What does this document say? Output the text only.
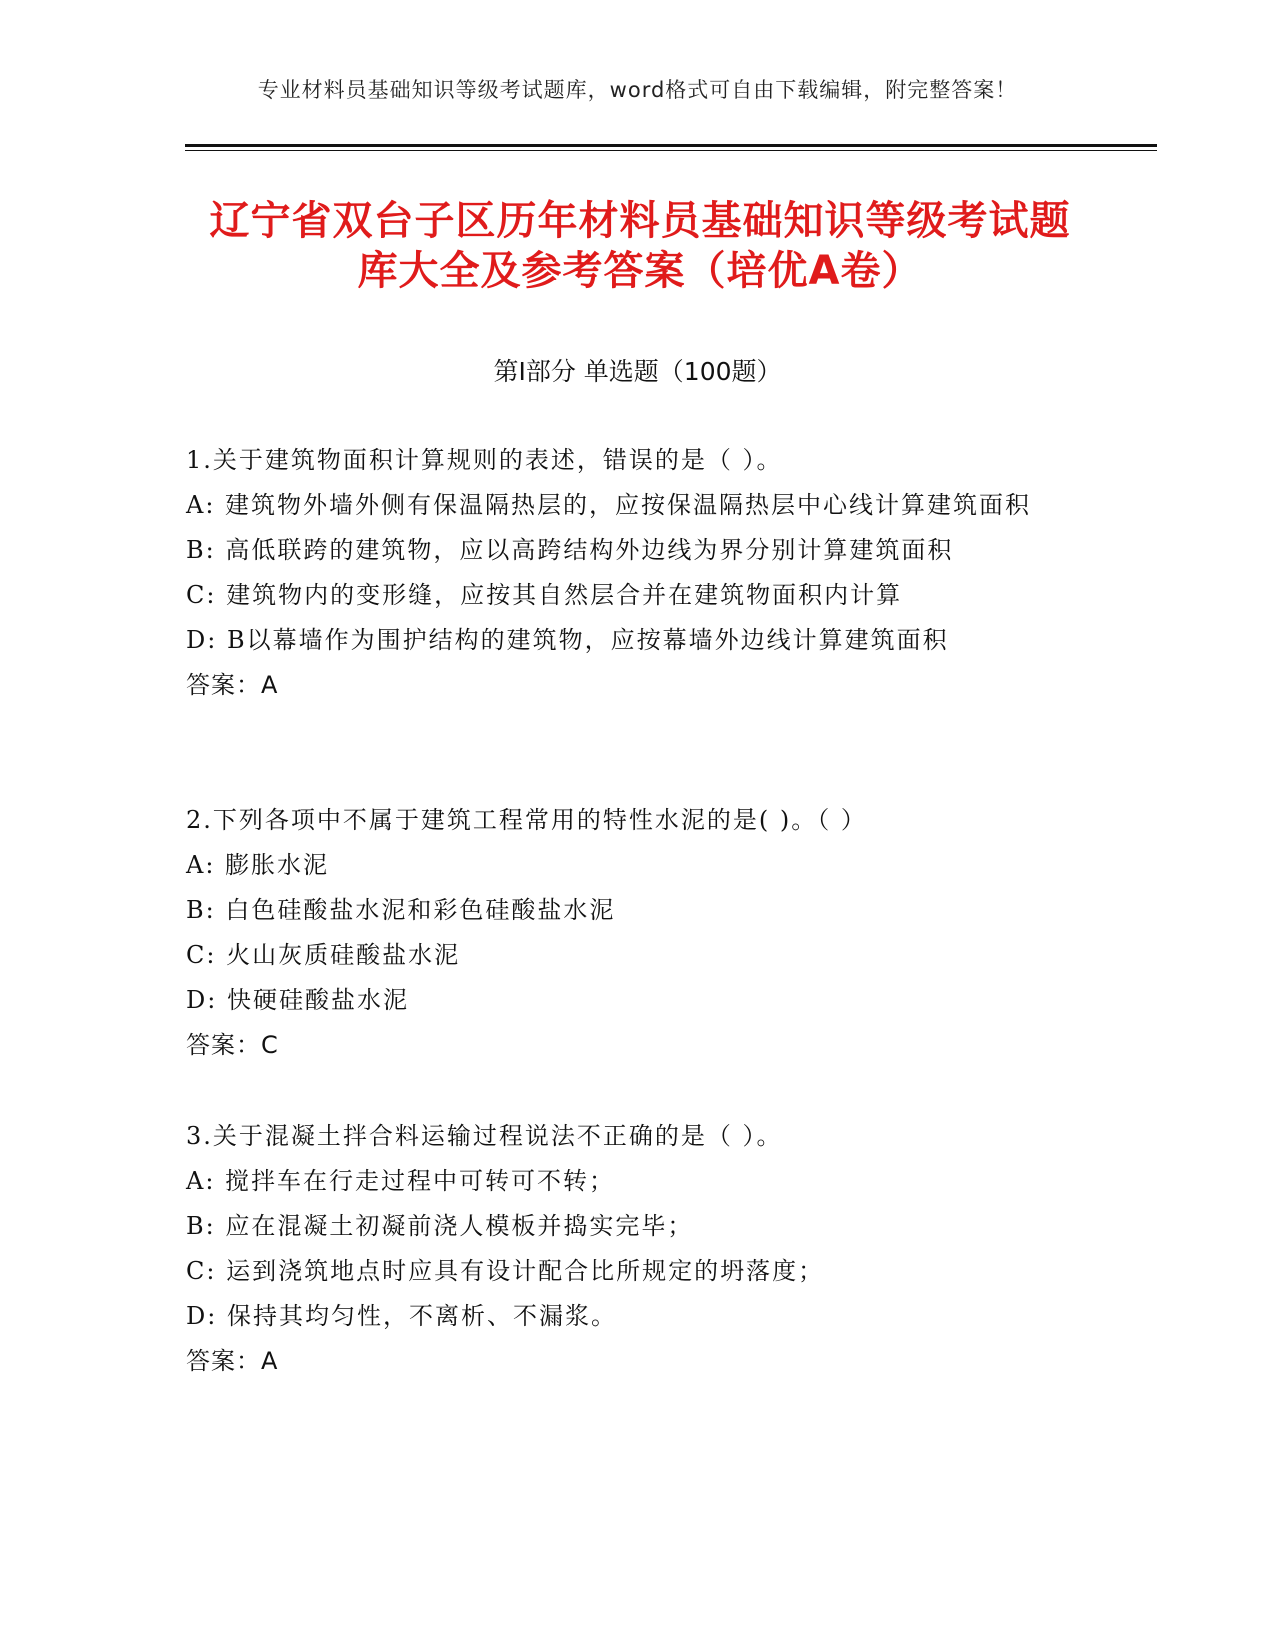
专业材料员基础知识等级考试题库，word格式可自由下载编辑，附完整答案！
辽宁省双台子区历年材料员基础知识等级考试题库大全及参考答案（培优A卷）
第Ⅰ部分 单选题（100题）
1.关于建筑物面积计算规则的表述，错误的是（ ）。
A: 建筑物外墙外侧有保温隔热层的，应按保温隔热层中心线计算建筑面积
B: 高低联跨的建筑物，应以高跨结构外边线为界分别计算建筑面积
C: 建筑物内的变形缝，应按其自然层合并在建筑物面积内计算
D: B以幕墙作为围护结构的建筑物，应按幕墙外边线计算建筑面积
答案：A
2.下列各项中不属于建筑工程常用的特性水泥的是( )。（ ）
A: 膨胀水泥
B: 白色硅酸盐水泥和彩色硅酸盐水泥
C: 火山灰质硅酸盐水泥
D: 快硬硅酸盐水泥
答案：C
3.关于混凝土拌合料运输过程说法不正确的是（ ）。
A: 搅拌车在行走过程中可转可不转；
B: 应在混凝土初凝前浇人模板并捣实完毕；
C: 运到浇筑地点时应具有设计配合比所规定的坍落度；
D: 保持其均匀性，不离析、不漏浆。
答案：A
